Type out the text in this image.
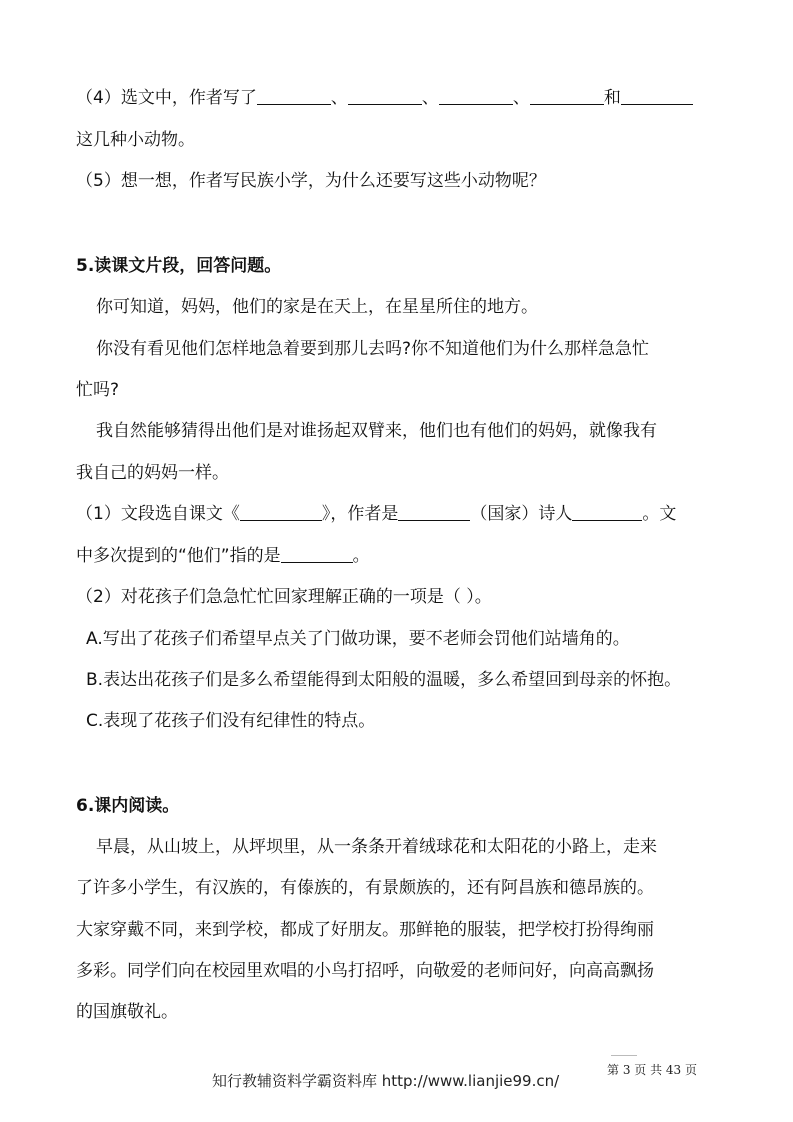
（4）选文中，作者写了	、	、	、	和
这几种小动物。
（5）想一想，作者写民族小学，为什么还要写这些小动物呢？
5.读课文片段，回答问题。
你可知道，妈妈，他们的家是在天上，在星星所住的地方。
你没有看见他们怎样地急着要到那儿去吗?你不知道他们为什么那样急急忙
忙吗?
我自然能够猜得出他们是对谁扬起双臂来，他们也有他们的妈妈，就像我有
我自己的妈妈一样。
（1）文段选自课文《	》，作者是	（国家）诗人	。文
中多次提到的“他们”指的是	。
（2）对花孩子们急急忙忙回家理解正确的一项是（ ）。
A.写出了花孩子们希望早点关了门做功课，要不老师会罚他们站墙角的。
B.表达出花孩子们是多么希望能得到太阳般的温暖，多么希望回到母亲的怀抱。
C.表现了花孩子们没有纪律性的特点。
6.课内阅读。
早晨，从山坡上，从坪坝里，从一条条开着绒球花和太阳花的小路上，走来
了许多小学生，有汉族的，有傣族的，有景颇族的，还有阿昌族和德昂族的。
大家穿戴不同，来到学校，都成了好朋友。那鲜艳的服装，把学校打扮得绚丽
多彩。同学们向在校园里欢唱的小鸟打招呼，向敬爱的老师问好，向高高飘扬
的国旗敬礼。
知行教辅资料学霸资料库 http://www.lianjie99.cn/
第 3 页 共 43 页
